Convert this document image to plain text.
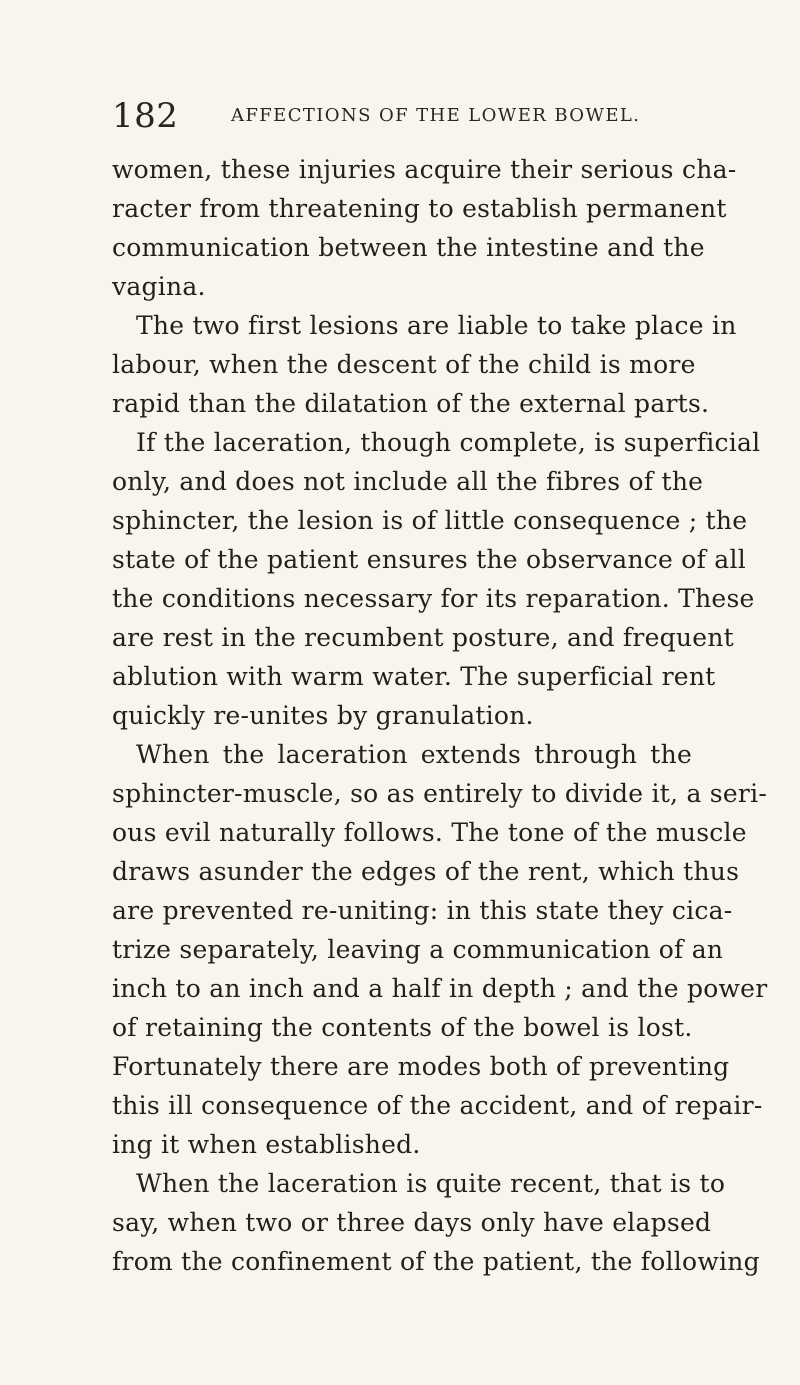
182	AFFECTIONS OF THE LOWER BOWEL.
women, these injuries acquire their serious cha-
racter from threatening to establish permanent
communication between the intestine and the
vagina.
The two first lesions are liable to take place in
labour, when the descent of the child is more
rapid than the dilatation of the external parts.
If the laceration, though complete, is superficial
only, and does not include all the fibres of the
sphincter, the lesion is of little consequence ; the
state of the patient ensures the observance of all
the conditions necessary for its reparation. These
are rest in the recumbent posture, and frequent
ablution with warm water. The superficial rent
quickly re-unites by granulation.
When the laceration extends through the
sphincter-muscle, so as entirely to divide it, a seri-
ous evil naturally follows. The tone of the muscle
draws asunder the edges of the rent, which thus
are prevented re-uniting: in this state they cica-
trize separately, leaving a communication of an
inch to an inch and a half in depth ; and the power
of retaining the contents of the bowel is lost.
Fortunately there are modes both of preventing
this ill consequence of the accident, and of repair-
ing it when established.
When the laceration is quite recent, that is to
say, when two or three days only have elapsed
from the confinement of the patient, the following
